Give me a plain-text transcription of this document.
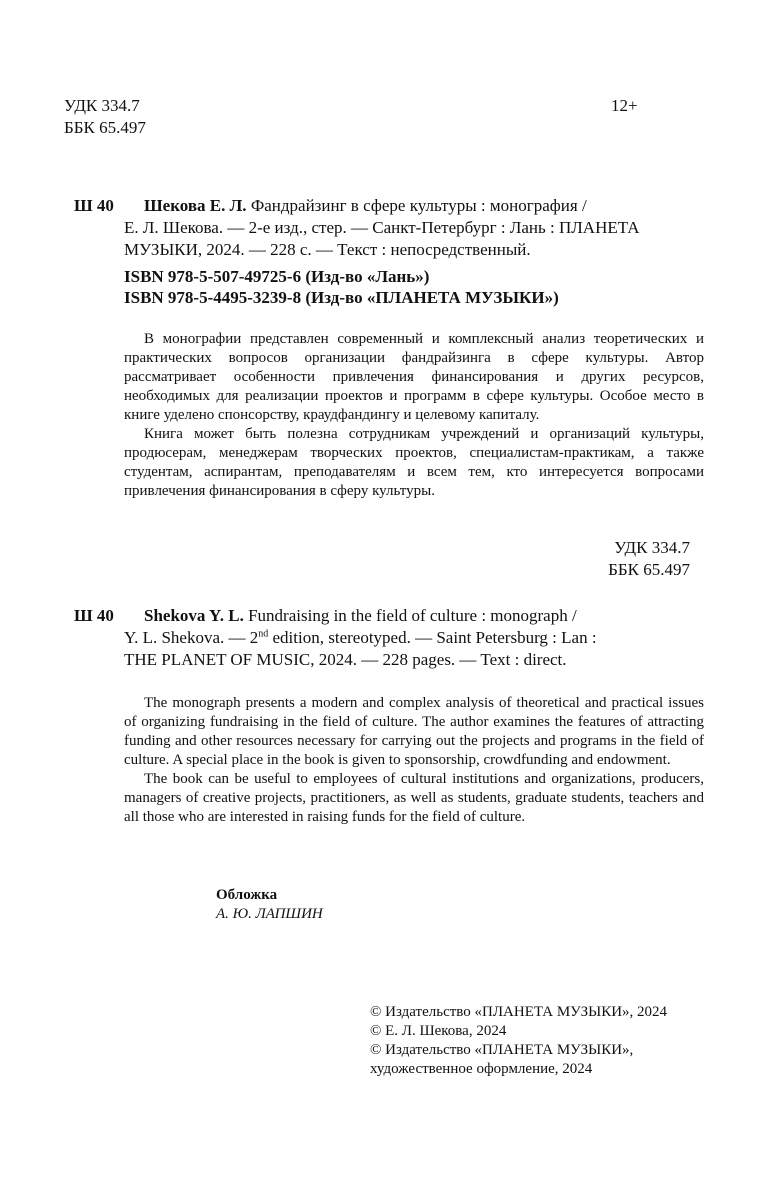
УДК 334.7	12+
ББК 65.497
Ш 40	Шекова Е. Л. Фандрайзинг в сфере культуры : монография /
Е. Л. Шекова. — 2-е изд., стер. — Санкт-Петербург : Лань : ПЛАНЕТА
МУЗЫКИ, 2024. — 228 с. — Текст : непосредственный.
ISBN 978-5-507-49725-6 (Изд-во «Лань»)
ISBN 978-5-4495-3239-8 (Изд-во «ПЛАНЕТА МУЗЫКИ»)

В монографии представлен современный и комплексный анализ теоретических и практических вопросов организации фандрайзинга в сфере культуры. Автор рассматривает особенности привлечения финансирования и других ресурсов, необходимых для реализации проектов и программ в сфере культуры. Особое место в книге уделено спонсорству, краудфандингу и целевому капиталу.

Книга может быть полезна сотрудникам учреждений и организаций культуры, продюсерам, менеджерам творческих проектов, специалистам-практикам, а также студентам, аспирантам, преподавателям и всем тем, кто интересуется вопросами привлечения финансирования в сферу культуры.

УДК 334.7
ББК 65.497
Ш 40	Shekova Y. L. Fundraising in the field of culture : monograph /
Y. L. Shekova. — 2nd edition, stereotyped. — Saint Petersburg : Lan :
THE PLANET OF MUSIC, 2024. — 228 pages. — Text : direct.

The monograph presents a modern and complex analysis of theoretical and practical issues of organizing fundraising in the field of culture. The author examines the features of attracting funding and other resources necessary for carrying out the projects and programs in the field of culture. A special place in the book is given to sponsorship, crowdfunding and endowment.

The book can be useful to employees of cultural institutions and organizations, producers, managers of creative projects, practitioners, as well as students, graduate students, teachers and all those who are interested in raising funds for the field of culture.

Обложка
А. Ю. ЛАПШИН
© Издательство «ПЛАНЕТА МУЗЫКИ», 2024
© Е. Л. Шекова, 2024
© Издательство «ПЛАНЕТА МУЗЫКИ»,
художественное оформление, 2024
